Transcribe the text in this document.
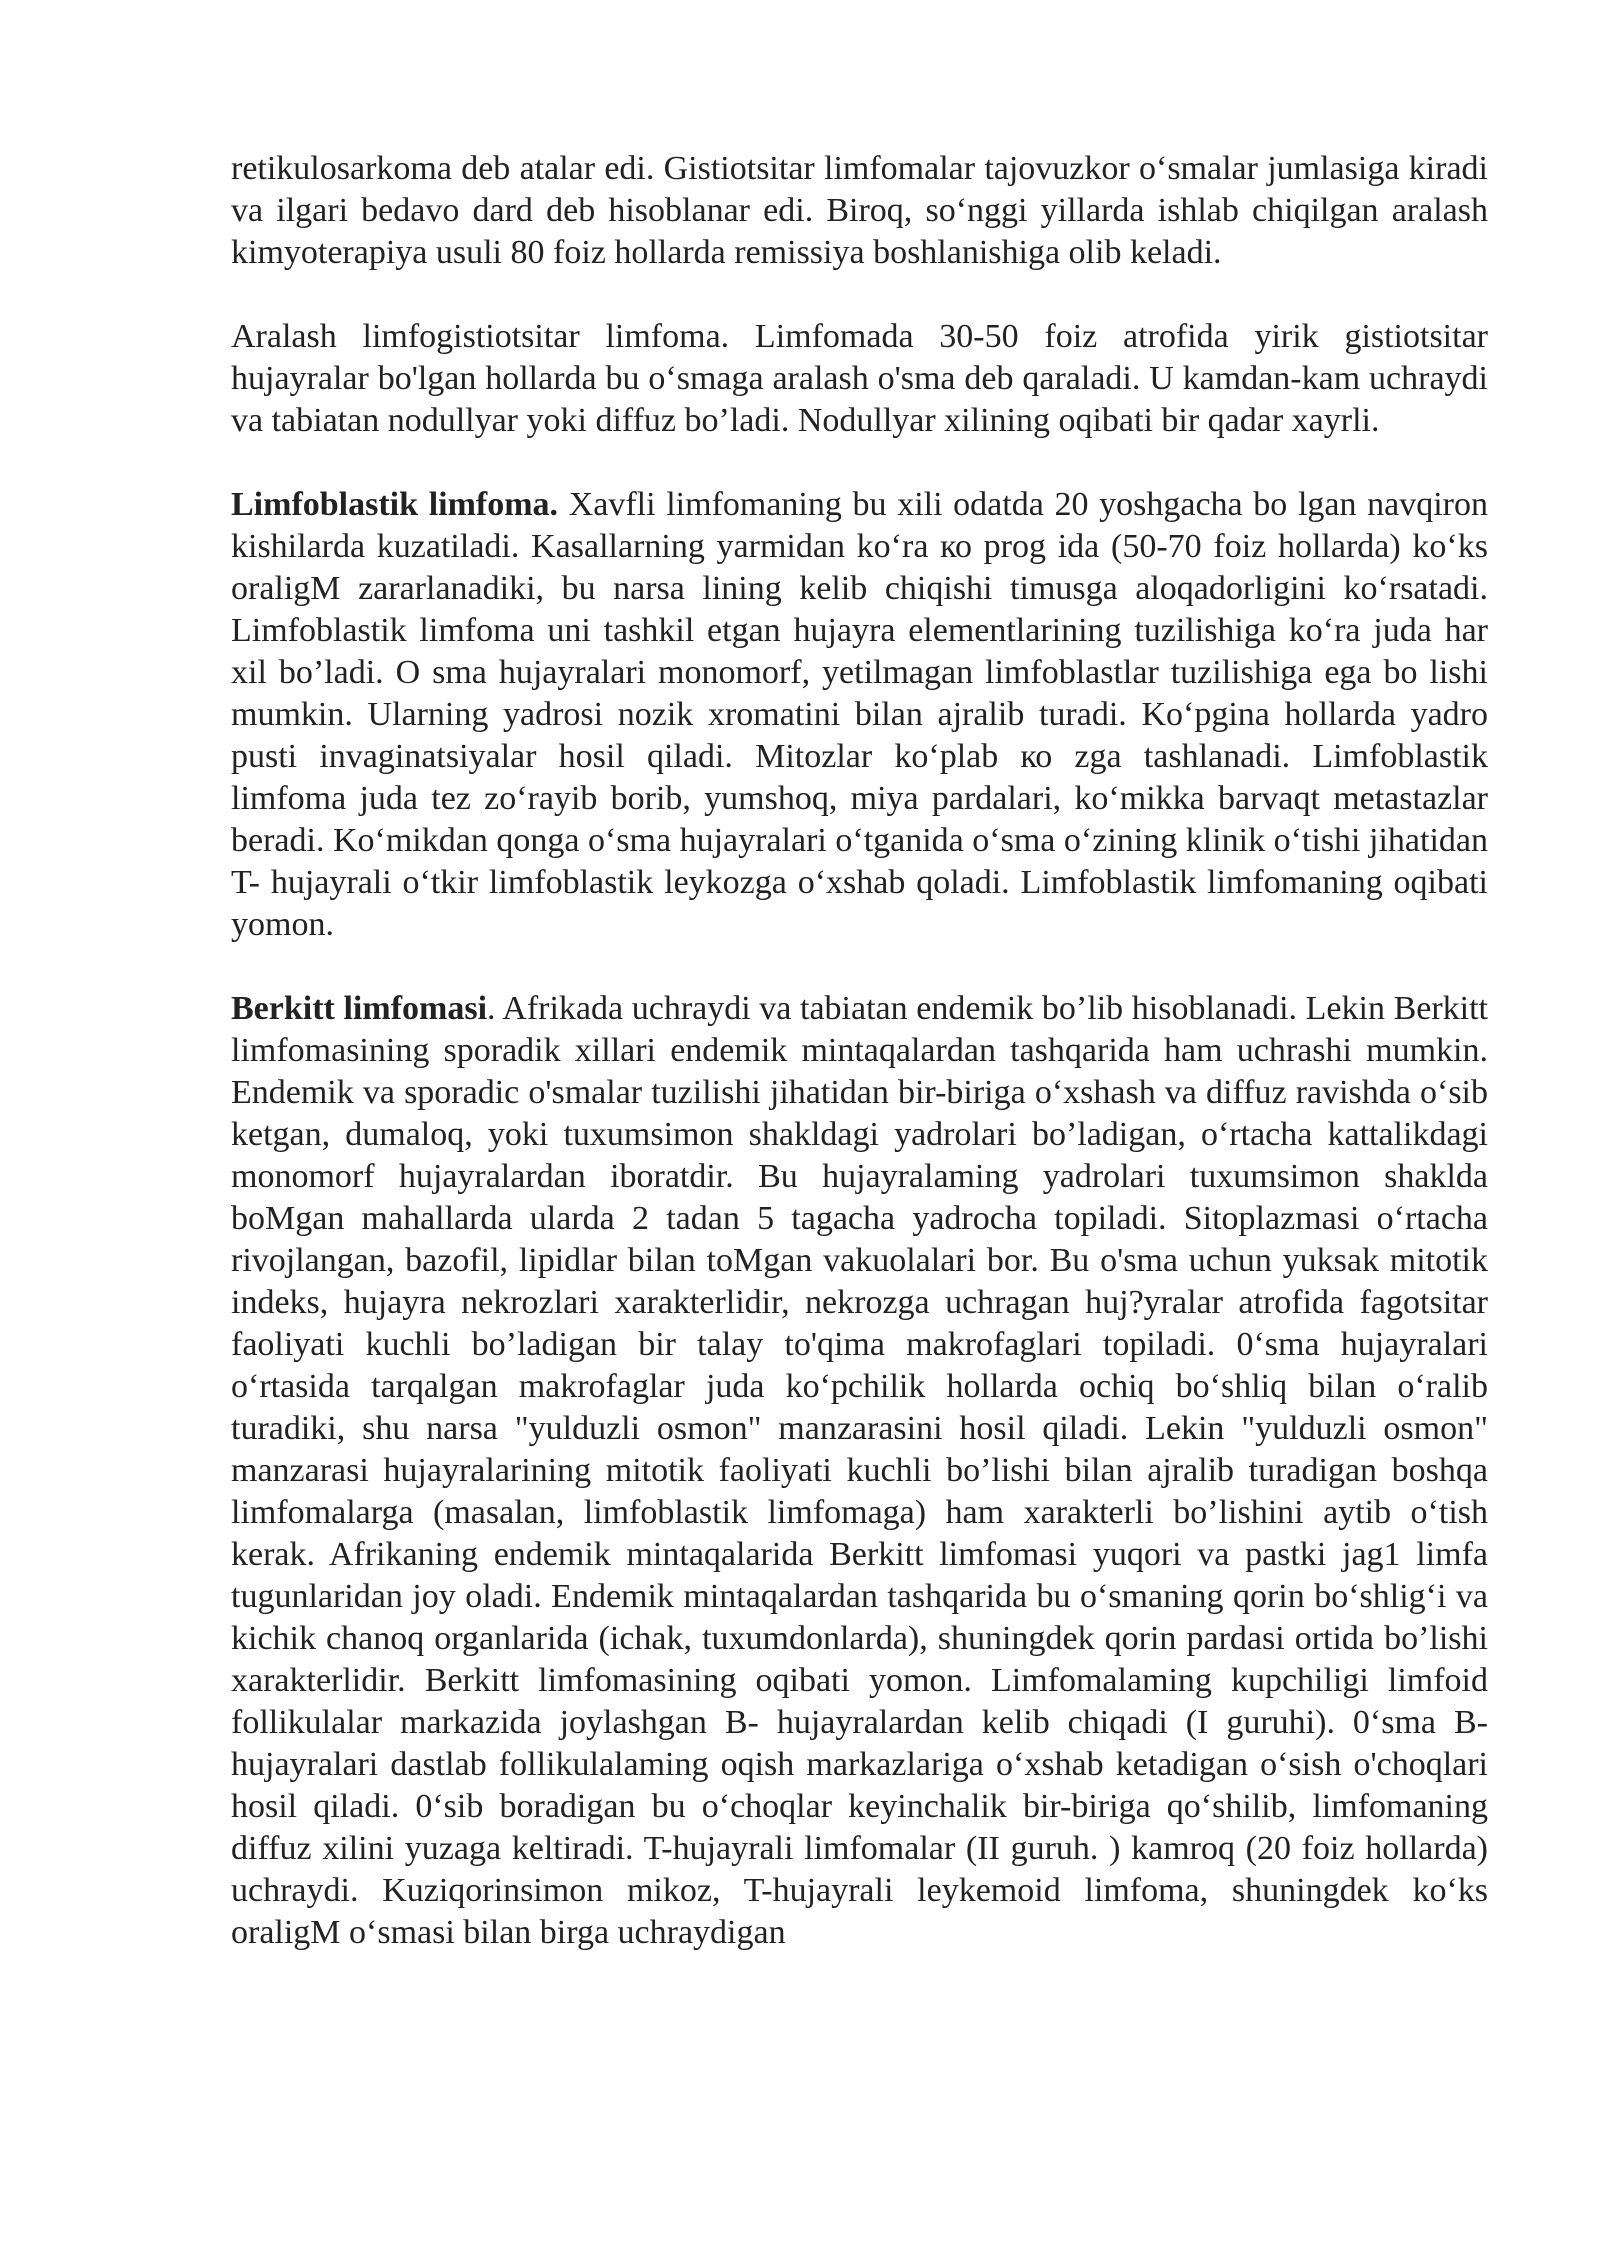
retikulosarkoma deb atalar edi. Gistiotsitar limfomalar tajovuzkor o‘smalar jumlasiga kiradi va ilgari bedavo dard deb hisoblanar edi. Biroq, so‘nggi yillarda ishlab chiqilgan aralash kimyoterapiya usuli 80 foiz hollarda remissiya boshlanishiga olib keladi.

Aralash limfogistiotsitar limfoma. Limfomada 30-50 foiz atrofida yirik gistiotsitar hujayralar bo'lgan hollarda bu o‘smaga aralash o'sma deb qaraladi. U kamdan-kam uchraydi va tabiatan nodullyar yoki diffuz bo’ladi. Nodullyar xilining oqibati bir qadar xayrli.

Limfoblastik limfoma. Xavfli limfomaning bu xili odatda 20 yoshgacha bo lgan navqiron kishilarda kuzatiladi. Kasallarning yarmidan ko‘ra ко prog ida (50-70 foiz hollarda) ko‘ks oraligM zararlanadiki, bu narsa lining kelib chiqishi timusga aloqadorligini ko‘rsatadi. Limfoblastik limfoma uni tashkil etgan hujayra elementlarining tuzilishiga ko‘ra juda har xil bo’ladi. O sma hujayralari monomorf, yetilmagan limfoblastlar tuzilishiga ega bo lishi mumkin. Ularning yadrosi nozik xromatini bilan ajralib turadi. Ko‘pgina hollarda yadro pusti invaginatsiyalar hosil qiladi. Mitozlar ko‘plab ко zga tashlanadi. Limfoblastik limfoma juda tez zo‘rayib borib, yumshoq, miya pardalari, ko‘mikka barvaqt metastazlar beradi. Ko‘mikdan qonga o‘sma hujayralari o‘tganida o‘sma o‘zining klinik o‘tishi jihatidan T- hujayrali o‘tkir limfoblastik leykozga o‘xshab qoladi. Limfoblastik limfomaning oqibati yomon.

Berkitt limfomasi. Afrikada uchraydi va tabiatan endemik bo’lib hisoblanadi. Lekin Berkitt limfomasining sporadik xillari endemik mintaqalardan tashqarida ham uchrashi mumkin. Endemik va sporadic o'smalar tuzilishi jihatidan bir-biriga o‘xshash va diffuz ravishda o‘sib ketgan, dumaloq, yoki tuxumsimon shakldagi yadrolari bo’ladigan, o‘rtacha kattalikdagi monomorf hujayralardan iboratdir. Bu hujayralaming yadrolari tuxumsimon shaklda boMgan mahallarda ularda 2 tadan 5 tagacha yadrocha topiladi. Sitoplazmasi o‘rtacha rivojlangan, bazofil, lipidlar bilan toMgan vakuolalari bor. Bu o'sma uchun yuksak mitotik indeks, hujayra nekrozlari xarakterlidir, nekrozga uchragan huj?yralar atrofida fagotsitar faoliyati kuchli bo’ladigan bir talay to'qima makrofaglari topiladi. 0‘sma hujayralari o‘rtasida tarqalgan makrofaglar juda ko‘pchilik hollarda ochiq bo‘shliq bilan o‘ralib turadiki, shu narsa "yulduzli osmon" manzarasini hosil qiladi. Lekin "yulduzli osmon" manzarasi hujayralarining mitotik faoliyati kuchli bo’lishi bilan ajralib turadigan boshqa limfomalarga (masalan, limfoblastik limfomaga) ham xarakterli bo’lishini aytib o‘tish kerak. Afrikaning endemik mintaqalarida Berkitt limfomasi yuqori va pastki jag1 limfa tugunlaridan joy oladi. Endemik mintaqalardan tashqarida bu o‘smaning qorin bo‘shlig‘i va kichik chanoq organlarida (ichak, tuxumdonlarda), shuningdek qorin pardasi ortida bo’lishi xarakterlidir. Berkitt limfomasining oqibati yomon. Limfomalaming kupchiligi limfoid follikulalar markazida joylashgan B- hujayralardan kelib chiqadi (I guruhi). 0‘sma B-hujayralari dastlab follikulalaming oqish markazlariga o‘xshab ketadigan o‘sish o'choqlari hosil qiladi. 0‘sib boradigan bu o‘choqlar keyinchalik bir-biriga qo‘shilib, limfomaning diffuz xilini yuzaga keltiradi. T-hujayrali limfomalar (II guruh. ) kamroq (20 foiz hollarda) uchraydi. Kuziqorinsimon mikoz, T-hujayrali leykemoid limfoma, shuningdek ko‘ks oraligM o‘smasi bilan birga uchraydigan
